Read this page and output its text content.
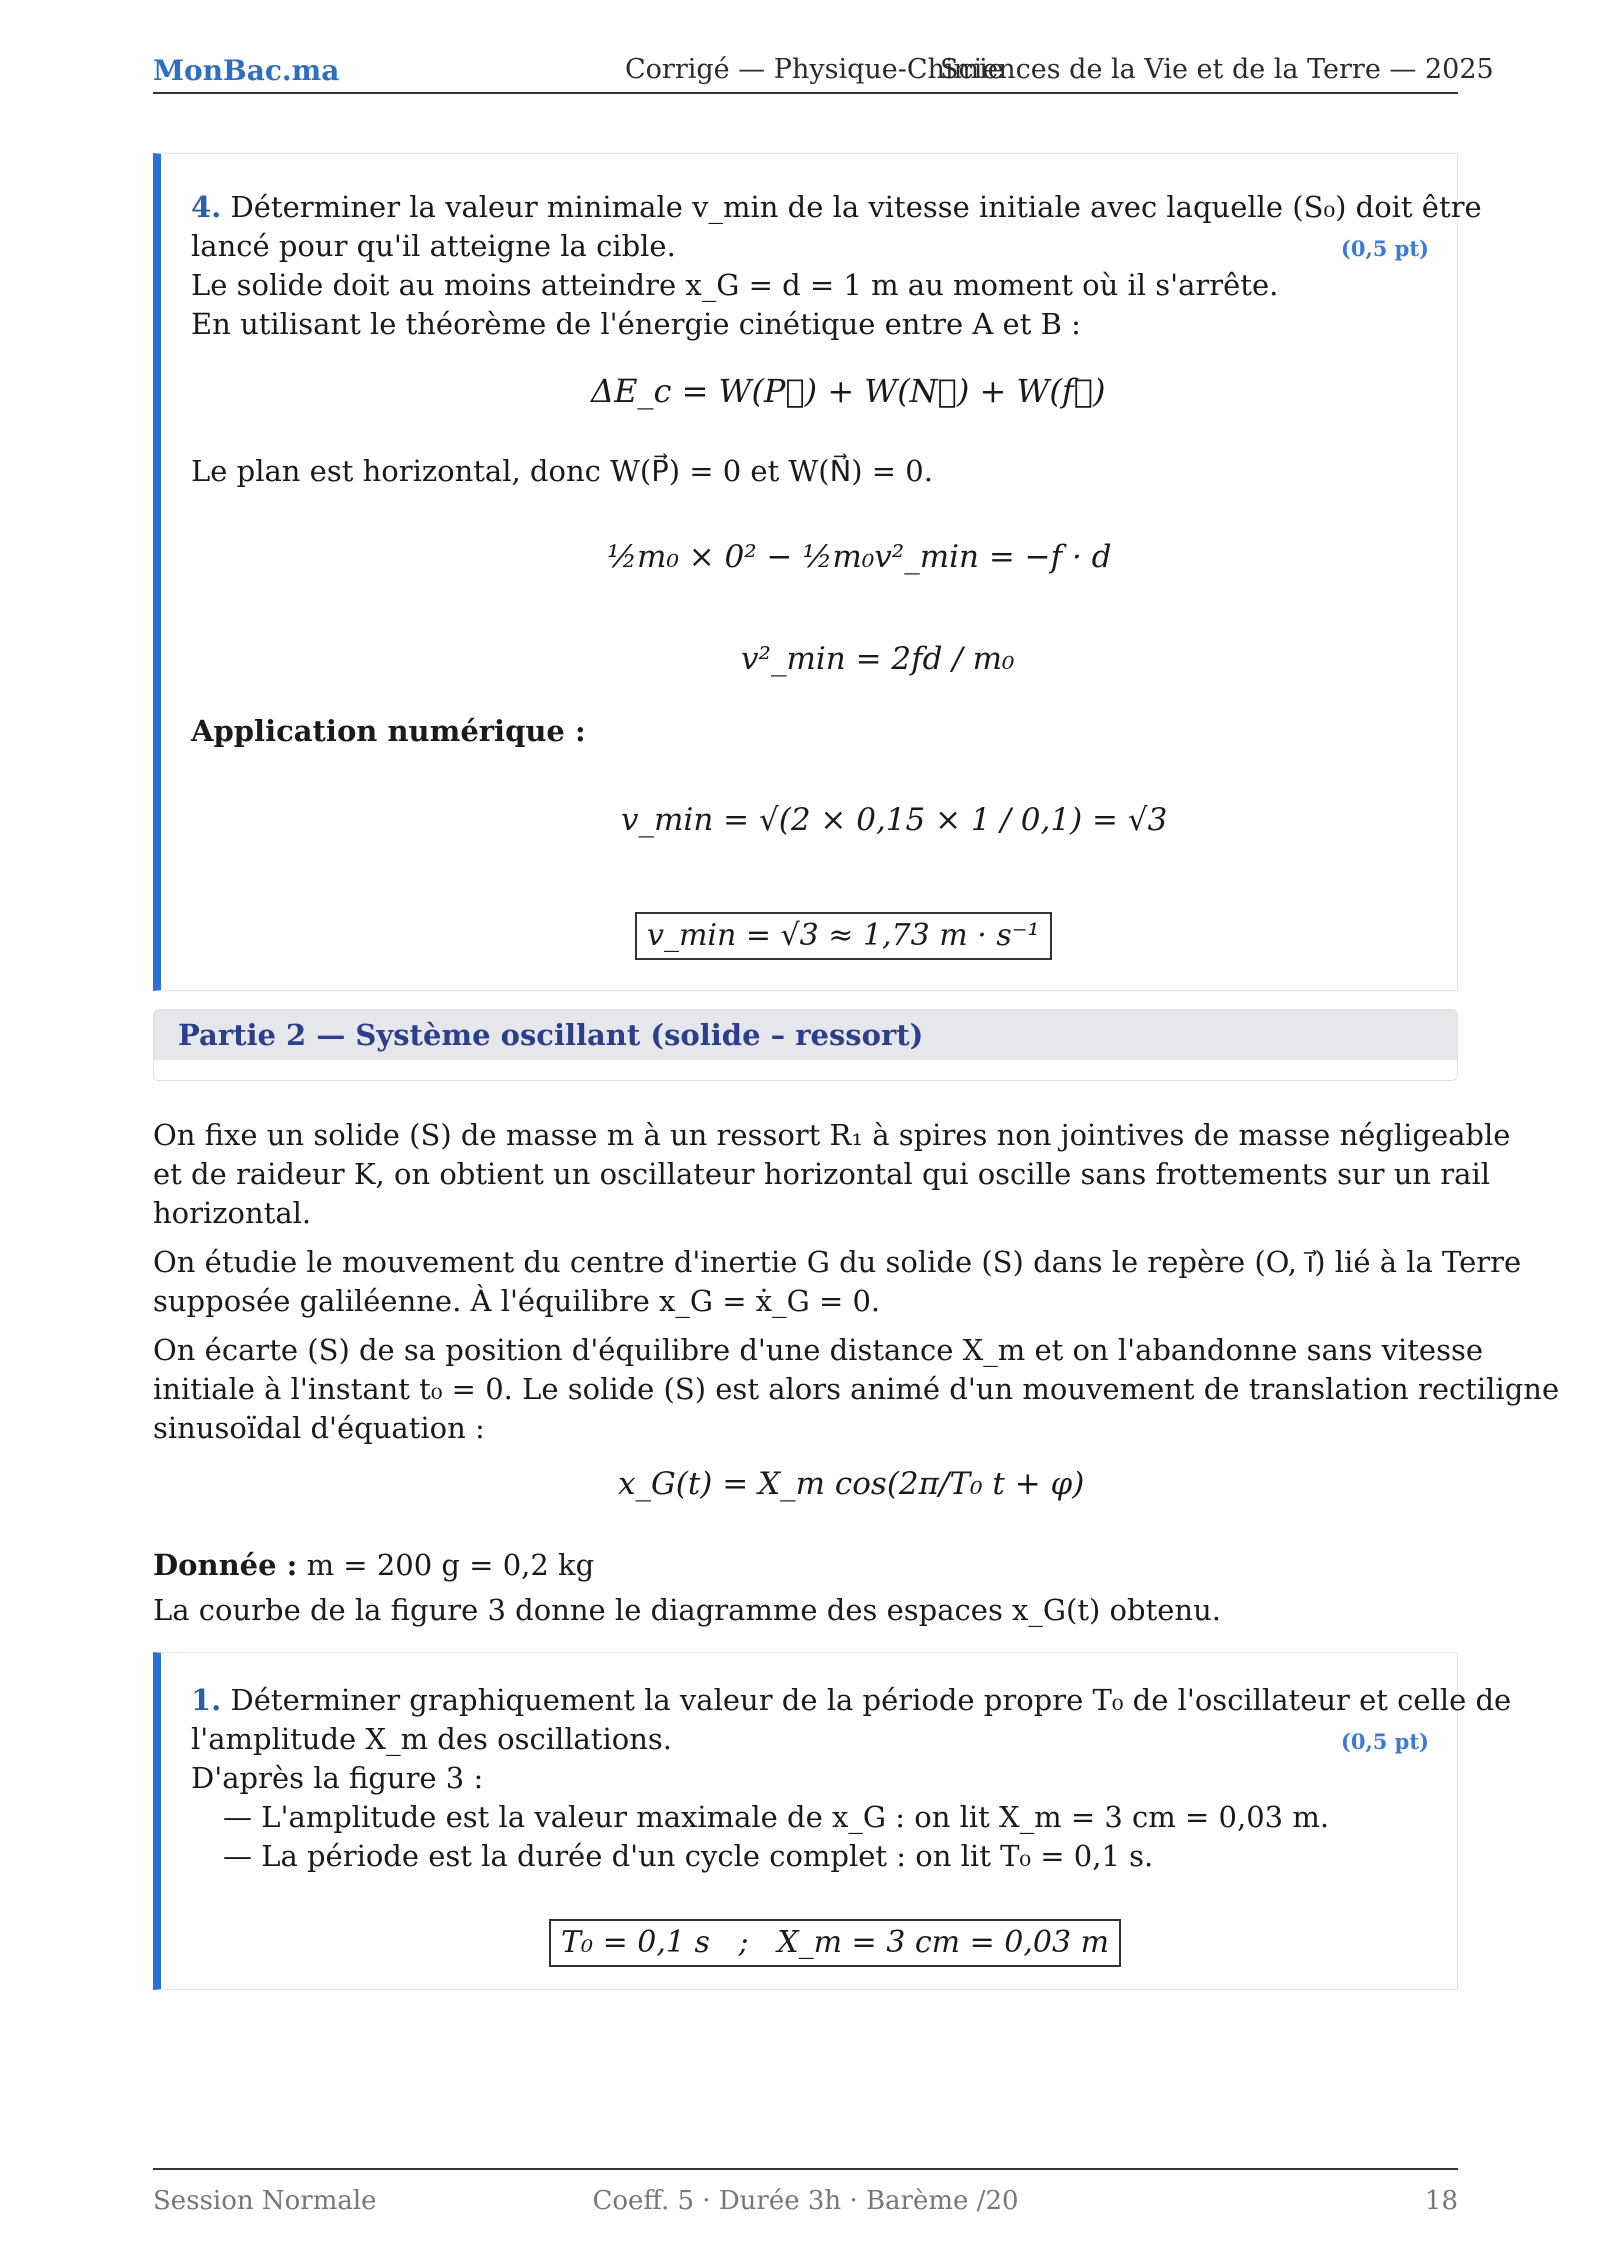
MonBac.ma	Corrigé — Physique-Chimie
Sciences de la Vie et de la Terre — 2025
4. Déterminer la valeur minimale v_min de la vitesse initiale avec laquelle (S₀) doit être
lancé pour qu'il atteigne la cible.	(0,5 pt)
Le solide doit au moins atteindre x_G = d = 1 m au moment où il s'arrête.
En utilisant le théorème de l'énergie cinétique entre A et B :
ΔE_c = W(P⃗) + W(N⃗) + W(f⃗)
Le plan est horizontal, donc W(P⃗) = 0 et W(N⃗) = 0.
½m₀ × 0² − ½m₀v²_min = −f · d
v²_min = 2fd / m₀
Application numérique :
v_min = √(2 × 0,15 × 1 / 0,1) = √3
v_min = √3 ≈ 1,73 m · s⁻¹
Partie 2 — Système oscillant (solide – ressort)
On fixe un solide (S) de masse m à un ressort R₁ à spires non jointives de masse négligeable
et de raideur K, on obtient un oscillateur horizontal qui oscille sans frottements sur un rail
horizontal.
On étudie le mouvement du centre d'inertie G du solide (S) dans le repère (O, i⃗) lié à la Terre
supposée galiléenne. À l'équilibre x_G = ẋ_G = 0.
On écarte (S) de sa position d'équilibre d'une distance X_m et on l'abandonne sans vitesse
initiale à l'instant t₀ = 0. Le solide (S) est alors animé d'un mouvement de translation rectiligne
sinusoïdal d'équation :
x_G(t) = X_m cos(2π/T₀ t + φ)
Donnée : m = 200 g = 0,2 kg
La courbe de la figure 3 donne le diagramme des espaces x_G(t) obtenu.
1. Déterminer graphiquement la valeur de la période propre T₀ de l'oscillateur et celle de
l'amplitude X_m des oscillations.	(0,5 pt)
D'après la figure 3 :
— L'amplitude est la valeur maximale de x_G : on lit X_m = 3 cm = 0,03 m.
— La période est la durée d'un cycle complet : on lit T₀ = 0,1 s.
T₀ = 0,1 s   ;   X_m = 3 cm = 0,03 m
Session Normale	Coeff. 5 · Durée 3h · Barème /20	18
